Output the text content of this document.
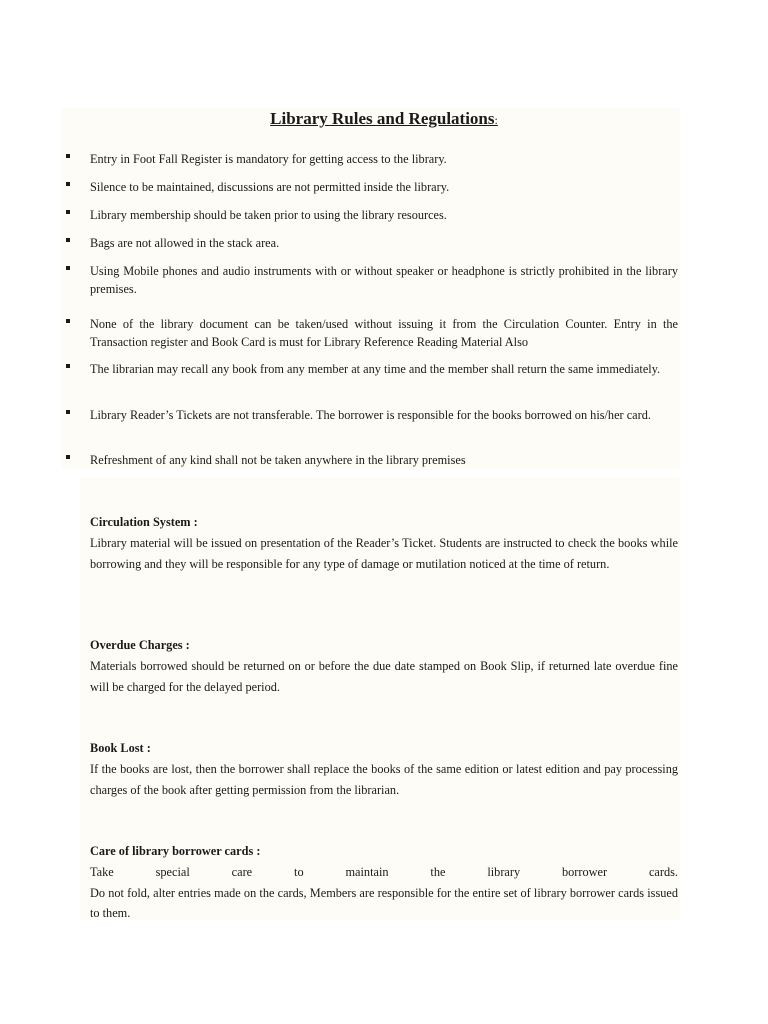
Library Rules and Regulations:
Entry in Foot Fall Register is mandatory for getting access to the library.
Silence to be maintained, discussions are not permitted inside the library.
Library membership should be taken prior to using the library resources.
Bags are not allowed in the stack area.
Using Mobile phones and audio instruments with or without speaker or headphone is strictly prohibited in the library premises.
None of the library document can be taken/used without issuing it from the Circulation Counter. Entry in the Transaction register and Book Card is must for Library Reference Reading Material Also
The librarian may recall any book from any member at any time and the member shall return the same immediately.
Library Reader’s Tickets are not transferable. The borrower is responsible for the books borrowed on his/her card.
Refreshment of any kind shall not be taken anywhere in the library premises
Circulation System :

Library material will be issued on presentation of the Reader’s Ticket. Students are instructed to check the books while borrowing and they will be responsible for any type of damage or mutilation noticed at the time of return.

Overdue Charges :

Materials borrowed should be returned on or before the due date stamped on Book Slip, if returned late overdue fine will be charged for the delayed period.

Book Lost :

If the books are lost, then the borrower shall replace the books of the same edition or latest edition and pay processing charges of the book after getting permission from the librarian.

Care of library borrower cards :

Take special care to maintain the library borrower cards.
Do not fold, alter entries made on the cards, Members are responsible for the entire set of library borrower cards issued to them.
